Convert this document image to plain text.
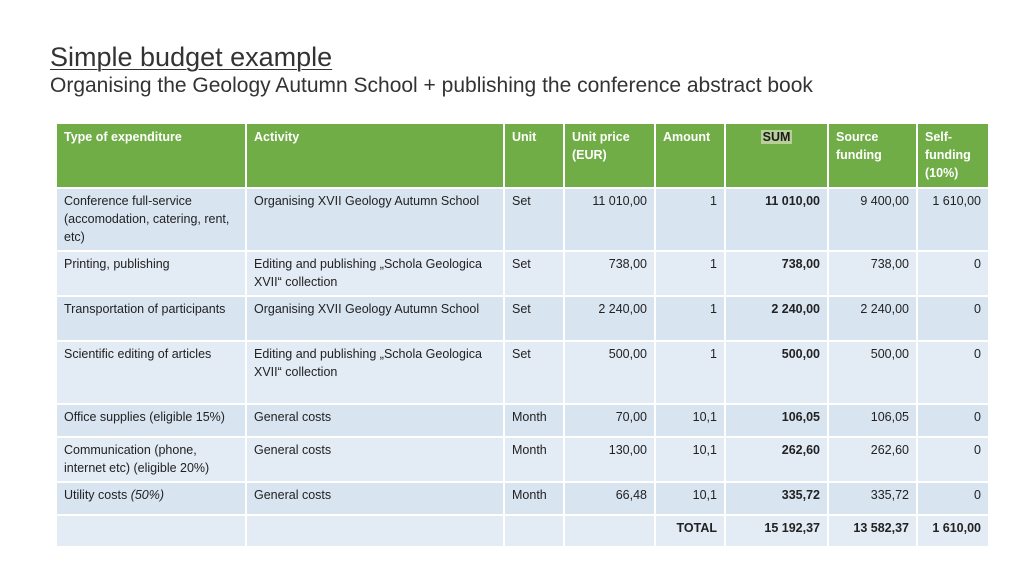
Simple budget example
Organising the Geology Autumn School + publishing the conference abstract book
Type of expenditure	Activity	Unit	Unit price (EUR)	Amount	SUM	Source funding	Self-funding (10%)
Conference full-service (accomodation, catering, rent, etc)	Organising XVII Geology Autumn School	Set	11 010,00	1	11 010,00	9 400,00	1 610,00
Printing, publishing	Editing and publishing „Schola Geologica XVII“ collection	Set	738,00	1	738,00	738,00	0
Transportation of participants	Organising XVII Geology Autumn School	Set	2 240,00	1	2 240,00	2 240,00	0
Scientific editing of articles	Editing and publishing „Schola Geologica XVII“ collection	Set	500,00	1	500,00	500,00	0
Office supplies (eligible 15%)	General costs	Month	70,00	10,1	106,05	106,05	0
Communication (phone, internet etc) (eligible 20%)	General costs	Month	130,00	10,1	262,60	262,60	0
Utility costs (50%)	General costs	Month	66,48	10,1	335,72	335,72	0
				TOTAL	15 192,37	13 582,37	1 610,00
